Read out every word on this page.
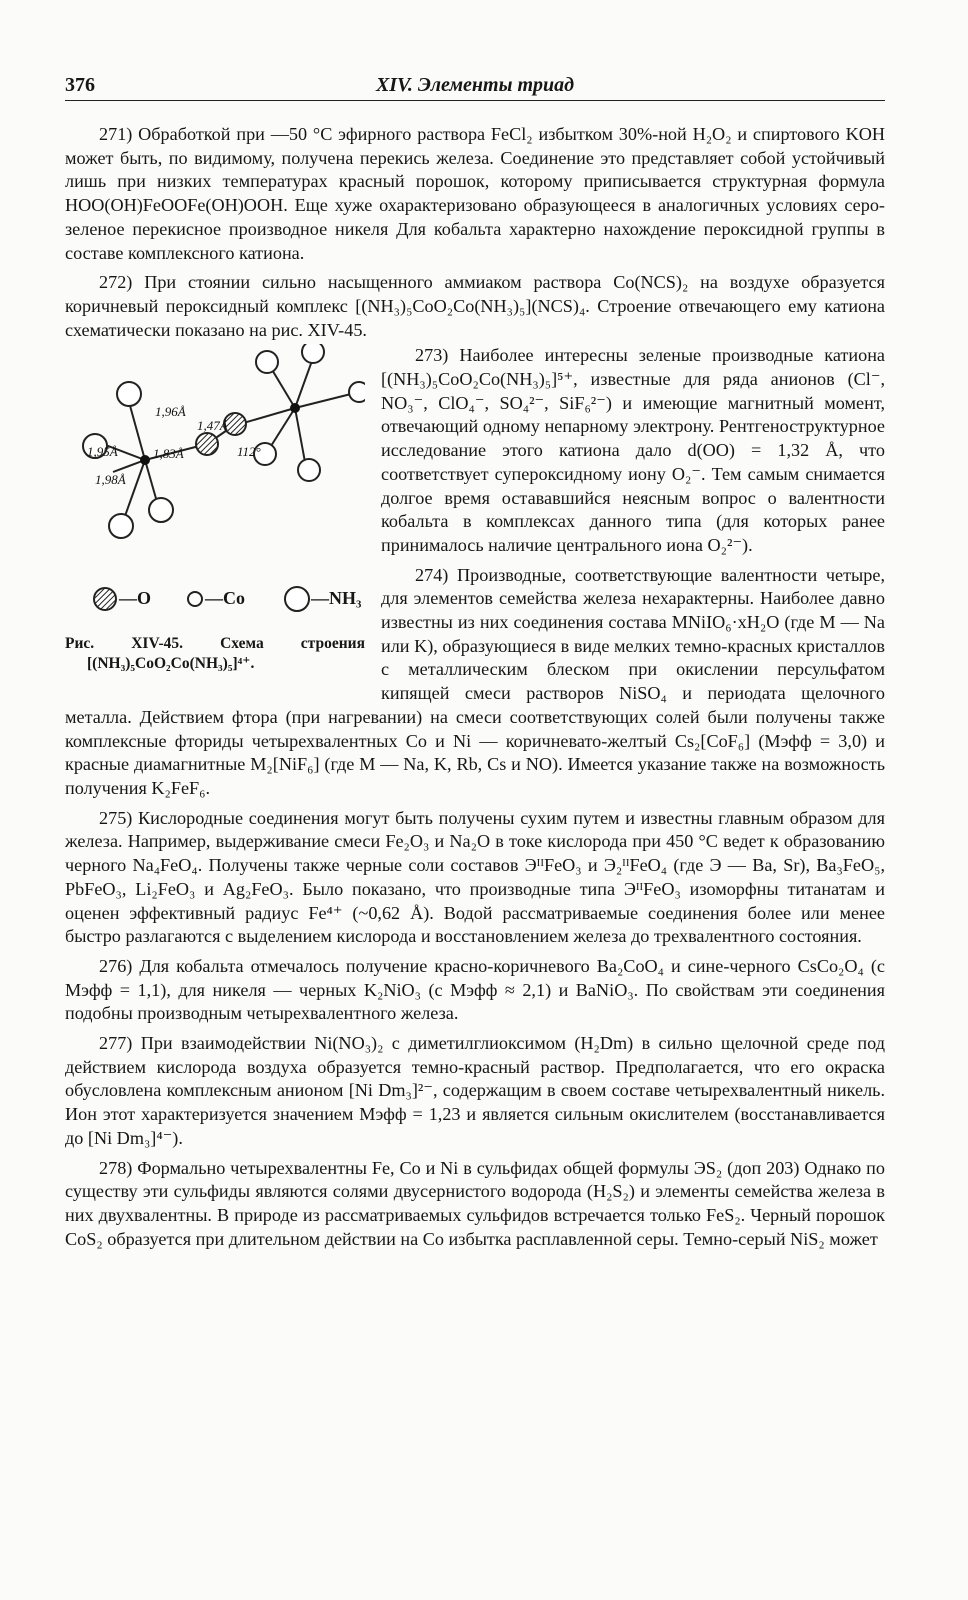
376	XIV. Элементы триад

271) Обработкой при —50 °С эфирного раствора FeCl₂ избытком 30%-ной H₂O₂ и спиртового KOH может быть, по видимому, получена перекись железа. Соединение это представляет собой устойчивый лишь при низких температурах красный порошок, которому приписывается структурная формула HOO(OH)FeOOFe(OH)OOH. Еще хуже охарактеризовано образующееся в аналогичных условиях серо-зеленое перекисное производное никеля Для кобальта характерно нахождение пероксидной группы в составе комплексного катиона.

272) При стоянии сильно насыщенного аммиаком раствора Co(NCS)₂ на воздухе образуется коричневый пероксидный комплекс [(NH₃)₅CoO₂Co(NH₃)₅](NCS)₄. Строение отвечающего ему катиона схематически показано на рис. XIV-45.

1,96Å
1,95Å	1,83Å
1,47Å
112°
1,98Å
—O	—Co	—NH₃
Рис. XIV-45. Схема строения
[(NH₃)₅CoO₂Co(NH₃)₅]⁴⁺.

273) Наиболее интересны зеленые производные катиона [(NH₃)₅CoO₂Co(NH₃)₅]⁵⁺, известные для ряда анионов (Cl⁻, NO₃⁻, ClO₄⁻, SO₄²⁻, SiF₆²⁻) и имеющие магнитный момент, отвечающий одному непарному электрону. Рентгеноструктурное исследование этого катиона дало d(OO) = 1,32 Å, что соответствует супероксидному иону O₂⁻. Тем самым снимается долгое время остававшийся неясным вопрос о валентности кобальта в комплексах данного типа (для которых ранее принималось наличие центрального иона O₂²⁻).

274) Производные, соответствующие валентности четыре, для элементов семейства железа нехарактерны. Наиболее давно известны из них соединения состава MNiIO₆·xH₂O (где M — Na или K), образующиеся в виде мелких темно-красных кристаллов с металлическим блеском при окислении персульфатом кипящей смеси растворов NiSO₄ и периодата щелочного металла. Действием фтора (при нагревании) на смеси соответствующих солей были получены также комплексные фториды четырехвалентных Co и Ni — коричневато-желтый Cs₂[CoF₆] (Mэфф = 3,0) и красные диамагнитные M₂[NiF₆] (где M — Na, K, Rb, Cs и NO). Имеется указание также на возможность получения K₂FeF₆.

275) Кислородные соединения могут быть получены сухим путем и известны главным образом для железа. Например, выдерживание смеси Fe₂O₃ и Na₂O в токе кислорода при 450 °С ведет к образованию черного Na₄FeO₄. Получены также черные соли составов ЭᴵᴵFeO₃ и Э₂ᴵᴵFeO₄ (где Э — Ba, Sr), Ba₃FeO₅, PbFeO₃, Li₂FeO₃ и Ag₂FeO₃. Было показано, что производные типа ЭᴵᴵFeO₃ изоморфны титанатам и оценен эффективный радиус Fe⁴⁺ (~0,62 Å). Водой рассматриваемые соединения более или менее быстро разлагаются с выделением кислорода и восстановлением железа до трехвалентного состояния.

276) Для кобальта отмечалось получение красно-коричневого Ba₂CoO₄ и сине-черного CsCo₂O₄ (с Mэфф = 1,1), для никеля — черных K₂NiO₃ (с Mэфф ≈ 2,1) и BaNiO₃. По свойствам эти соединения подобны производным четырехвалентного железа.

277) При взаимодействии Ni(NO₃)₂ с диметилглиоксимом (H₂Dm) в сильно щелочной среде под действием кислорода воздуха образуется темно-красный раствор. Предполагается, что его окраска обусловлена комплексным анионом [Ni Dm₃]²⁻, содержащим в своем составе четырехвалентный никель. Ион этот характеризуется значением Mэфф = 1,23 и является сильным окислителем (восстанавливается до [Ni Dm₃]⁴⁻).

278) Формально четырехвалентны Fe, Co и Ni в сульфидах общей формулы ЭS₂ (доп 203) Однако по существу эти сульфиды являются солями двусернистого водорода (H₂S₂) и элементы семейства железа в них двухвалентны. В природе из рассматриваемых сульфидов встречается только FeS₂. Черный порошок CoS₂ образуется при длительном действии на Co избытка расплавленной серы. Темно-серый NiS₂ может
